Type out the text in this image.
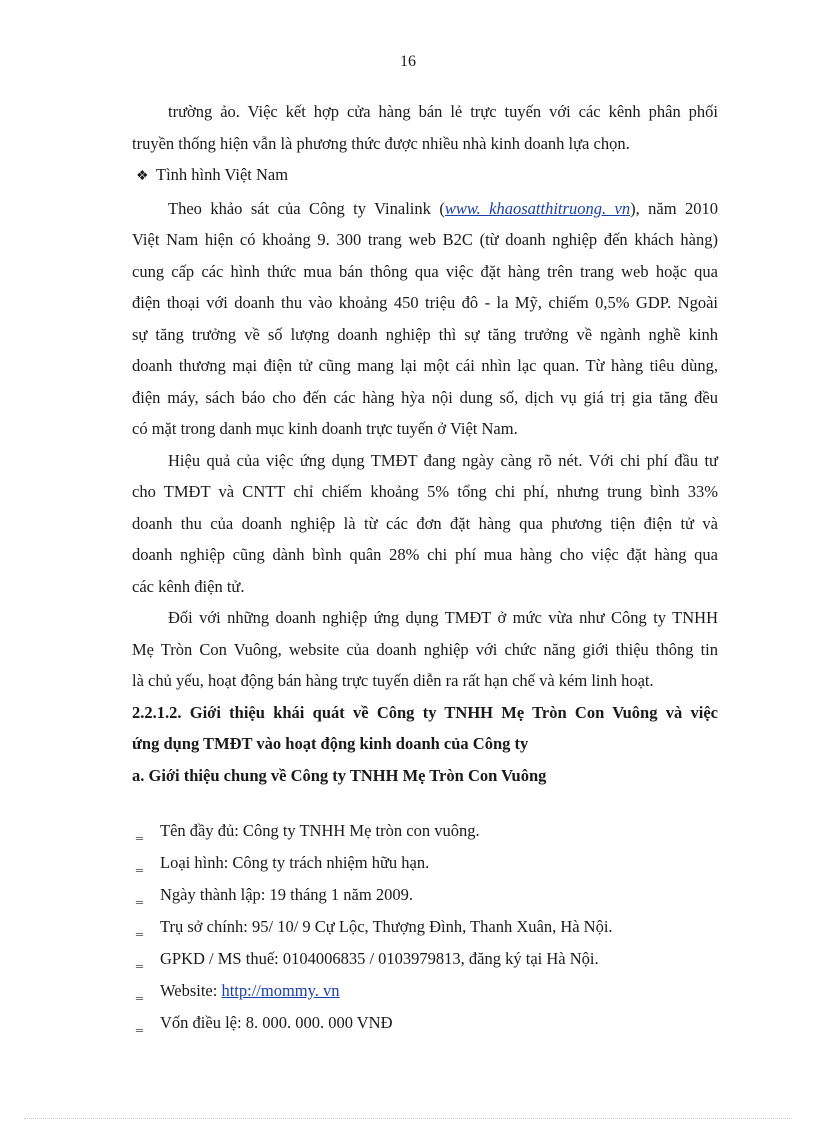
16

trường ảo. Việc kết hợp cửa hàng bán lẻ trực tuyến với các kênh phân phối
truyền thống hiện vẫn là phương thức được nhiều nhà kinh doanh lựa chọn.

❖ Tình hình Việt Nam

Theo khảo sát của Công ty Vinalink (www. khaosatthitruong. vn), năm 2010
Việt Nam hiện có khoảng 9. 300 trang web B2C (từ doanh nghiệp đến khách hàng)
cung cấp các hình thức mua bán thông qua việc đặt hàng trên trang web hoặc qua
điện thoại với doanh thu vào khoảng 450 triệu đô - la Mỹ, chiếm 0,5% GDP. Ngoài
sự tăng trưởng về số lượng doanh nghiệp thì sự tăng trưởng về ngành nghề kinh
doanh thương mại điện tử cũng mang lại một cái nhìn lạc quan. Từ hàng tiêu dùng,
điện máy, sách báo cho đến các hàng hỳa nội dung số, dịch vụ giá trị gia tăng đều
có mặt trong danh mục kinh doanh trực tuyến ở Việt Nam.

Hiệu quả của việc ứng dụng TMĐT đang ngày càng rõ nét. Với chi phí đầu tư
cho TMĐT và CNTT chỉ chiếm khoảng 5% tổng chi phí, nhưng trung bình 33%
doanh thu của doanh nghiệp là từ các đơn đặt hàng qua phương tiện điện tử và
doanh nghiệp cũng dành bình quân 28% chi phí mua hàng cho việc đặt hàng qua
các kênh điện tử.

Đối với những doanh nghiệp ứng dụng TMĐT ở mức vừa như Công ty TNHH
Mẹ Tròn Con Vuông, website của doanh nghiệp với chức năng giới thiệu thông tin
là chủ yếu, hoạt động bán hàng trực tuyến diễn ra rất hạn chế và kém linh hoạt.

2.2.1.2. Giới thiệu khái quát về Công ty TNHH Mẹ Tròn Con Vuông và việc
ứng dụng TMĐT vào hoạt động kinh doanh của Công ty

a. Giới thiệu chung về Công ty TNHH Mẹ Tròn Con Vuông

‗ Tên đầy đủ: Công ty TNHH Mẹ tròn con vuông.
‗ Loại hình: Công ty trách nhiệm hữu hạn.
‗ Ngày thành lập: 19 tháng 1 năm 2009.
‗ Trụ sở chính: 95/ 10/ 9 Cự Lộc, Thượng Đình, Thanh Xuân, Hà Nội.
‗ GPKD / MS thuế: 0104006835 / 0103979813, đăng ký tại Hà Nội.
‗ Website: http://mommy. vn
‗ Vốn điều lệ: 8. 000. 000. 000 VNĐ
